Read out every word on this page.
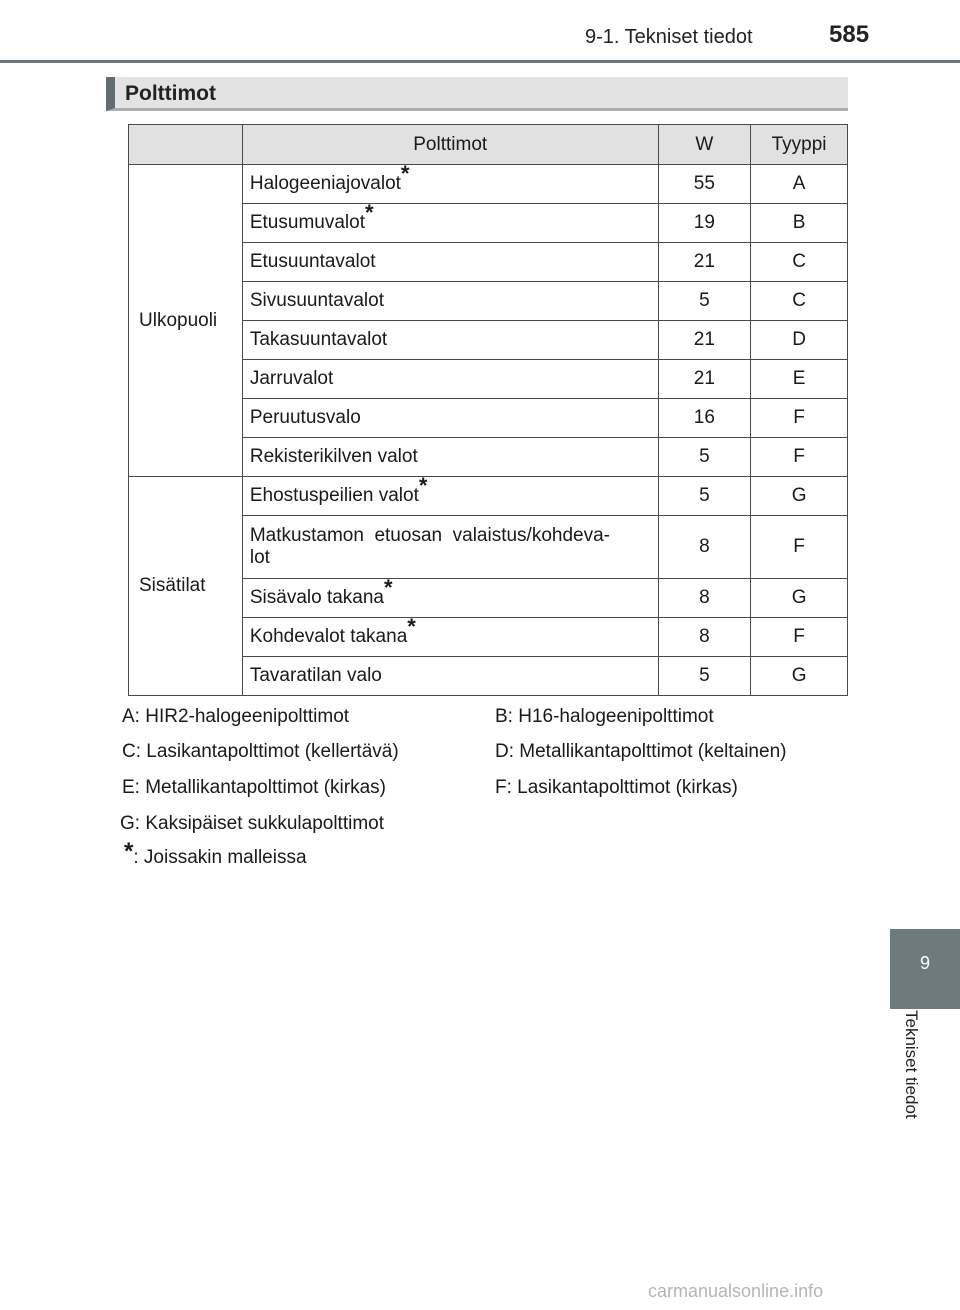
9-1. Tekniset tiedot	585
Polttimot
	Polttimot	W	Tyyppi
Ulkopuoli	Halogeeniajovalot*	55	A
	Etusumuvalot*	19	B
	Etusuuntavalot	21	C
	Sivusuuntavalot	5	C
	Takasuuntavalot	21	D
	Jarruvalot	21	E
	Peruutusvalo	16	F
	Rekisterikilven valot	5	F
Sisätilat	Ehostuspeilien valot*	5	G
	Matkustamon  etuosan  valaistus/kohdeva-
lot	8	F
	Sisävalo takana*	8	G
	Kohdevalot takana*	8	F
	Tavaratilan valo	5	G
A: HIR2-halogeenipolttimot	B: H16-halogeenipolttimot
C: Lasikantapolttimot (kellertävä)	D: Metallikantapolttimot (keltainen)
E: Metallikantapolttimot (kirkas)	F: Lasikantapolttimot (kirkas)
G: Kaksipäiset sukkulapolttimot
*: Joissakin malleissa
9
Tekniset tiedot
carmanualsonline.info
